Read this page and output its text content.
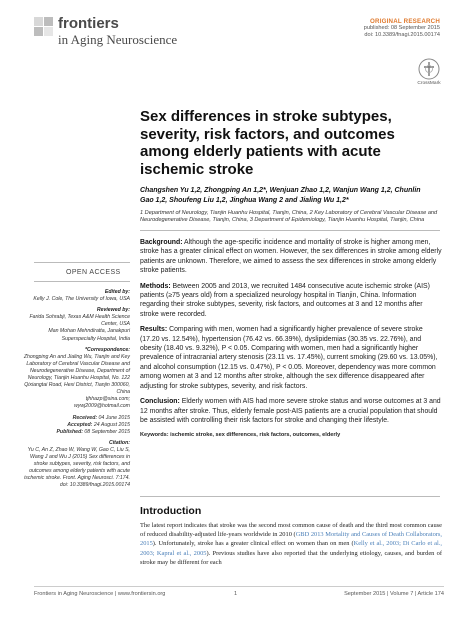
frontiers
in Aging Neuroscience
ORIGINAL RESEARCH
published: 08 September 2015
doi: 10.3389/fnagi.2015.00174
CrossMark
Sex differences in stroke subtypes, severity, risk factors, and outcomes among elderly patients with acute ischemic stroke
Changshen Yu 1,2, Zhongping An 1,2*, Wenjuan Zhao 1,2, Wanjun Wang 1,2, Chunlin Gao 1,2, Shoufeng Liu 1,2, Jinghua Wang 2 and Jialing Wu 1,2*
1 Department of Neurology, Tianjin Huanhu Hospital, Tianjin, China, 2 Key Laboratory of Cerebral Vascular Disease and Neurodegenerative Disease, Tianjin, China, 3 Department of Epidemiology, Tianjin Huanhu Hospital, Tianjin, China

Background: Although the age-specific incidence and mortality of stroke is higher among men, stroke has a greater clinical effect on women. However, the sex differences in stroke among elderly patients are unknown. Therefore, we aimed to assess the sex differences in stroke among elderly stroke patients.

Methods: Between 2005 and 2013, we recruited 1484 consecutive acute ischemic stroke (AIS) patients (≥75 years old) from a specialized neurology hospital in Tianjin, China. Information regarding their stroke subtypes, severity, risk factors, and outcomes at 3 and 12 months after stroke were recorded.

Results: Comparing with men, women had a significantly higher prevalence of severe stroke (17.20 vs. 12.54%), hypertension (76.42 vs. 66.39%), dyslipidemias (30.35 vs. 22.76%), and obesity (18.40 vs. 9.32%), P < 0.05. Comparing with women, men had a significantly higher prevalence of intracranial artery stenosis (23.11 vs. 17.45%), current smoking (29.60 vs. 13.05%), and alcohol consumption (12.15 vs. 0.47%), P < 0.05. Moreover, dependency was more common among women at 3 and 12 months after stroke, although the sex difference disappeared after adjusting for stroke subtypes, severity, and risk factors.

Conclusion: Elderly women with AIS had more severe stroke status and worse outcomes at 3 and 12 months after stroke. Thus, elderly female post-AIS patients are a crucial population that should be assisted with controlling their risk factors for stroke and changing their lifestyle.

Keywords: ischemic stroke, sex differences, risk factors, outcomes, elderly
Introduction
The latest report indicates that stroke was the second most common cause of death and the third most common cause of reduced disability-adjusted life-years worldwide in 2010 (GBD 2013 Mortality and Causes of Death Collaborators, 2015). Unfortunately, stroke has a greater clinical effect on women than on men (Kelly et al., 2003; Di Carlo et al., 2003; Kapral et al., 2005). Previous studies have also reported that the underlying etiology, causes, and burden of stroke may be different for each
OPEN ACCESS
Edited by:
Kelly J. Cole, The University of Iowa, USA
Reviewed by:
Farida Sohrabji, Texas A&M Health Science Center, USA
Man Mohan Mehndiratta, Janakpuri Superspecialty Hospital, India
*Correspondence:
Zhongping An and Jialing Wu, Tianjin and Key Laboratory of Cerebral Vascular Disease and Neurodegenerative Disease, Department of Neurology, Tianjin Huanhu Hospital, No. 122 Qixiangtai Road, Hexi District, Tianjin 300060, China
tjhhazp@sina.com;
wywj2009@hotmail.com
Received: 04 June 2015
Accepted: 24 August 2015
Published: 08 September 2015
Citation:
Yu C, An Z, Zhao W, Wang W, Gao C, Liu S, Wang J and Wu J (2015) Sex differences in stroke subtypes, severity, risk factors, and outcomes among elderly patients with acute ischemic stroke. Front. Aging Neurosci. 7:174. doi: 10.3389/fnagi.2015.00174
Frontiers in Aging Neuroscience | www.frontiersin.org	1	September 2015 | Volume 7 | Article 174
